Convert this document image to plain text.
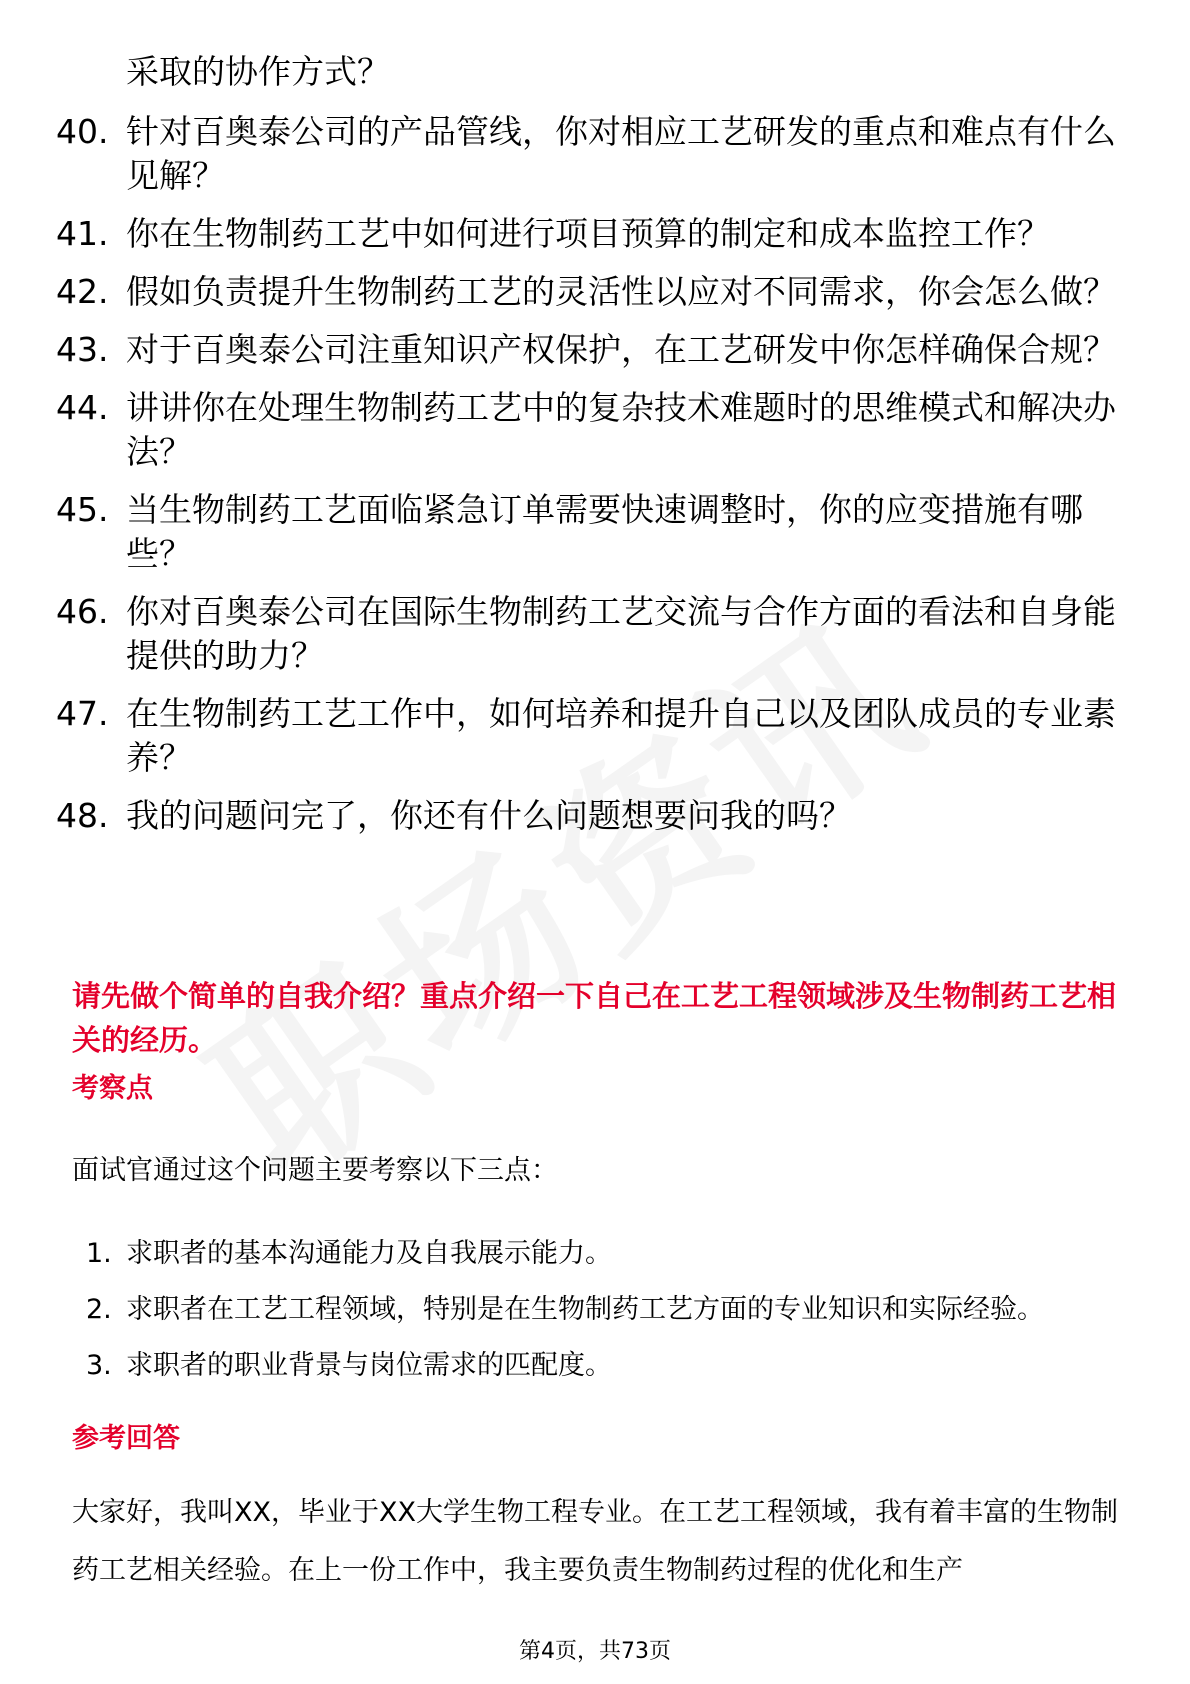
采取的协作方式？
40. 针对百奥泰公司的产品管线，你对相应工艺研发的重点和难点有什么见解？
41. 你在生物制药工艺中如何进行项目预算的制定和成本监控工作？
42. 假如负责提升生物制药工艺的灵活性以应对不同需求，你会怎么做？
43. 对于百奥泰公司注重知识产权保护，在工艺研发中你怎样确保合规？
44. 讲讲你在处理生物制药工艺中的复杂技术难题时的思维模式和解决办法？
45. 当生物制药工艺面临紧急订单需要快速调整时，你的应变措施有哪些？
46. 你对百奥泰公司在国际生物制药工艺交流与合作方面的看法和自身能提供的助力？
47. 在生物制药工艺工作中，如何培养和提升自己以及团队成员的专业素养？
48. 我的问题问完了，你还有什么问题想要问我的吗？
请先做个简单的自我介绍？重点介绍一下自己在工艺工程领域涉及生物制药工艺相关的经历。
考察点
面试官通过这个问题主要考察以下三点：
1. 求职者的基本沟通能力及自我展示能力。
2. 求职者在工艺工程领域，特别是在生物制药工艺方面的专业知识和实际经验。
3. 求职者的职业背景与岗位需求的匹配度。
参考回答
大家好，我叫XX，毕业于XX大学生物工程专业。在工艺工程领域，我有着丰富的生物制药工艺相关经验。在上一份工作中，我主要负责生物制药过程的优化和生产
第4页，共73页
